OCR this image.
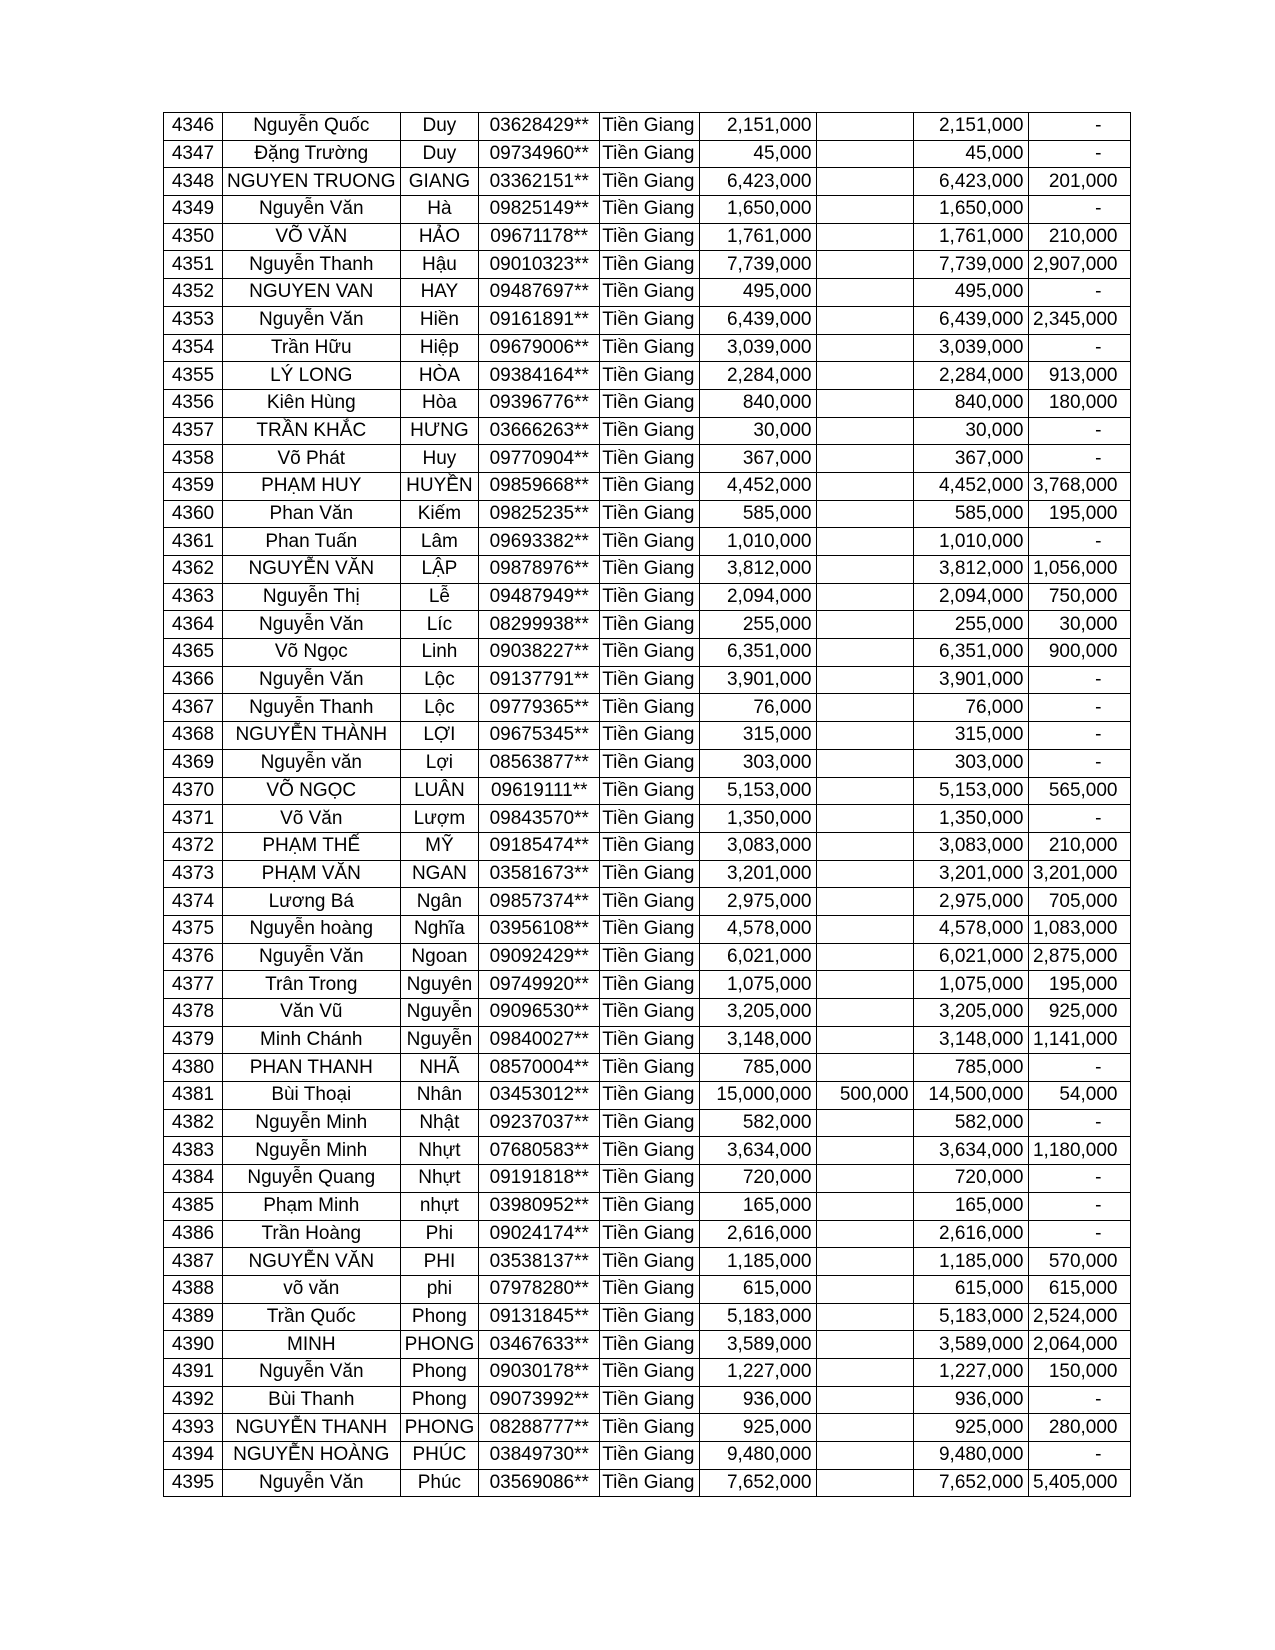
4346	Nguyễn Quốc	Duy	03628429**	Tiền Giang	2,151,000		2,151,000	-
4347	Đặng Trường	Duy	09734960**	Tiền Giang	45,000		45,000	-
4348	NGUYEN TRUONG	GIANG	03362151**	Tiền Giang	6,423,000		6,423,000	201,000
4349	Nguyễn Văn	Hà	09825149**	Tiền Giang	1,650,000		1,650,000	-
4350	VÕ VĂN	HẢO	09671178**	Tiền Giang	1,761,000		1,761,000	210,000
4351	Nguyễn Thanh	Hậu	09010323**	Tiền Giang	7,739,000		7,739,000	2,907,000
4352	NGUYEN VAN	HAY	09487697**	Tiền Giang	495,000		495,000	-
4353	Nguyễn Văn	Hiền	09161891**	Tiền Giang	6,439,000		6,439,000	2,345,000
4354	Trần Hữu	Hiệp	09679006**	Tiền Giang	3,039,000		3,039,000	-
4355	LÝ LONG	HÒA	09384164**	Tiền Giang	2,284,000		2,284,000	913,000
4356	Kiên Hùng	Hòa	09396776**	Tiền Giang	840,000		840,000	180,000
4357	TRẦN KHẮC	HƯNG	03666263**	Tiền Giang	30,000		30,000	-
4358	Võ Phát	Huy	09770904**	Tiền Giang	367,000		367,000	-
4359	PHẠM HUY	HUYỀN	09859668**	Tiền Giang	4,452,000		4,452,000	3,768,000
4360	Phan Văn	Kiếm	09825235**	Tiền Giang	585,000		585,000	195,000
4361	Phan Tuấn	Lâm	09693382**	Tiền Giang	1,010,000		1,010,000	-
4362	NGUYỄN VĂN	LẬP	09878976**	Tiền Giang	3,812,000		3,812,000	1,056,000
4363	Nguyễn Thị	Lễ	09487949**	Tiền Giang	2,094,000		2,094,000	750,000
4364	Nguyễn Văn	Líc	08299938**	Tiền Giang	255,000		255,000	30,000
4365	Võ Ngọc	Linh	09038227**	Tiền Giang	6,351,000		6,351,000	900,000
4366	Nguyễn Văn	Lộc	09137791**	Tiền Giang	3,901,000		3,901,000	-
4367	Nguyễn Thanh	Lộc	09779365**	Tiền Giang	76,000		76,000	-
4368	NGUYỄN THÀNH	LỢI	09675345**	Tiền Giang	315,000		315,000	-
4369	Nguyễn văn	Lợi	08563877**	Tiền Giang	303,000		303,000	-
4370	VÕ NGỌC	LUÂN	09619111**	Tiền Giang	5,153,000		5,153,000	565,000
4371	Võ Văn	Lượm	09843570**	Tiền Giang	1,350,000		1,350,000	-
4372	PHẠM THẾ	MỸ	09185474**	Tiền Giang	3,083,000		3,083,000	210,000
4373	PHẠM VĂN	NGAN	03581673**	Tiền Giang	3,201,000		3,201,000	3,201,000
4374	Lương Bá	Ngân	09857374**	Tiền Giang	2,975,000		2,975,000	705,000
4375	Nguyễn hoàng	Nghĩa	03956108**	Tiền Giang	4,578,000		4,578,000	1,083,000
4376	Nguyễn Văn	Ngoan	09092429**	Tiền Giang	6,021,000		6,021,000	2,875,000
4377	Trân Trong	Nguyên	09749920**	Tiền Giang	1,075,000		1,075,000	195,000
4378	Văn Vũ	Nguyễn	09096530**	Tiền Giang	3,205,000		3,205,000	925,000
4379	Minh Chánh	Nguyễn	09840027**	Tiền Giang	3,148,000		3,148,000	1,141,000
4380	PHAN THANH	NHÃ	08570004**	Tiền Giang	785,000		785,000	-
4381	Bùi Thoại	Nhân	03453012**	Tiền Giang	15,000,000	500,000	14,500,000	54,000
4382	Nguyễn Minh	Nhật	09237037**	Tiền Giang	582,000		582,000	-
4383	Nguyễn Minh	Nhựt	07680583**	Tiền Giang	3,634,000		3,634,000	1,180,000
4384	Nguyễn Quang	Nhựt	09191818**	Tiền Giang	720,000		720,000	-
4385	Phạm Minh	nhựt	03980952**	Tiền Giang	165,000		165,000	-
4386	Trần Hoàng	Phi	09024174**	Tiền Giang	2,616,000		2,616,000	-
4387	NGUYỄN VĂN	PHI	03538137**	Tiền Giang	1,185,000		1,185,000	570,000
4388	võ văn	phi	07978280**	Tiền Giang	615,000		615,000	615,000
4389	Trần Quốc	Phong	09131845**	Tiền Giang	5,183,000		5,183,000	2,524,000
4390	MINH	PHONG	03467633**	Tiền Giang	3,589,000		3,589,000	2,064,000
4391	Nguyễn Văn	Phong	09030178**	Tiền Giang	1,227,000		1,227,000	150,000
4392	Bùi Thanh	Phong	09073992**	Tiền Giang	936,000		936,000	-
4393	NGUYỄN THANH	PHONG	08288777**	Tiền Giang	925,000		925,000	280,000
4394	NGUYỄN HOÀNG	PHÚC	03849730**	Tiền Giang	9,480,000		9,480,000	-
4395	Nguyễn Văn	Phúc	03569086**	Tiền Giang	7,652,000		7,652,000	5,405,000
